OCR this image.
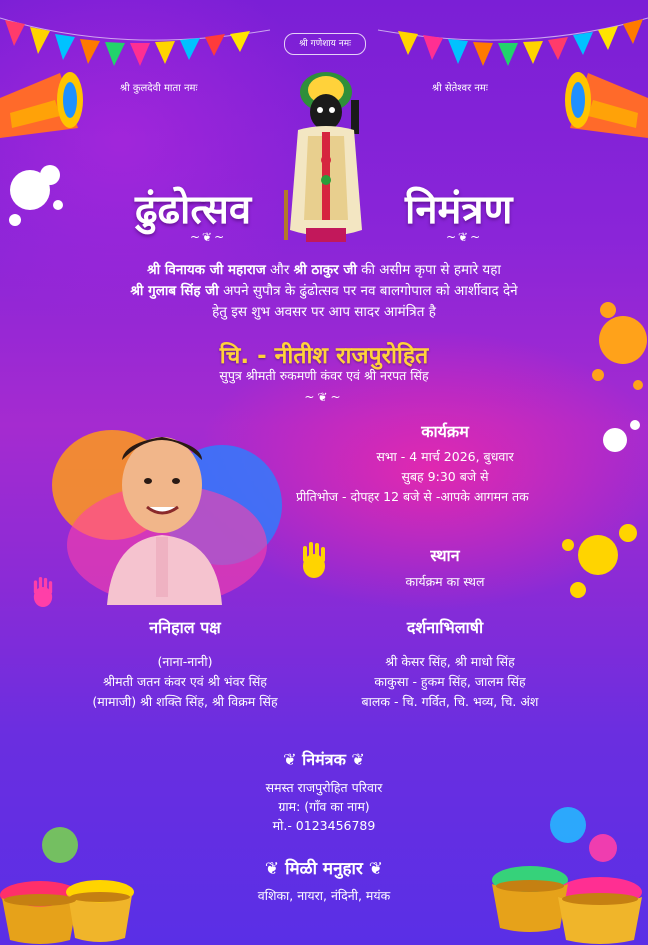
श्री गणेशाय नमः
श्री कुलदेवी माता नमः	श्री सेतेश्वर नमः
ढुंढोत्सव	निमंत्रण
~❦~	~❦~
श्री विनायक जी महाराज और श्री ठाकुर जी की असीम कृपा से हमारे यहा
श्री गुलाब सिंह जी अपने सुपौत्र के ढुंढोत्सव पर नव बालगोपाल को आर्शीवाद देने
हेतु इस शुभ अवसर पर आप सादर आमंत्रित है
चि. - नीतीश राजपुरोहित
सुपुत्र श्रीमती रुकमणी कंवर एवं श्री नरपत सिंह
~❦~
कार्यक्रम
सभा - 4 मार्च 2026, बुधवार
सुबह 9:30 बजे से
प्रीतिभोज - दोपहर 12 बजे से -आपके आगमन तक
स्थान
कार्यक्रम का स्थल
ननिहाल पक्ष
(नाना-नानी)
श्रीमती जतन कंवर एवं श्री भंवर सिंह
(मामाजी) श्री शक्ति सिंह, श्री विक्रम सिंह
दर्शनाभिलाषी
श्री केसर सिंह, श्री माधो सिंह
काकुसा - हुकम सिंह, जालम सिंह
बालक - चि. गर्वित, चि. भव्य, चि. अंश
❦ निमंत्रक ❦
समस्त राजपुरोहित परिवार
ग्राम: (गाँव का नाम)
मो.- 0123456789
❦ मिळी मनुहार ❦
वशिका, नायरा, नंदिनी, मयंक
